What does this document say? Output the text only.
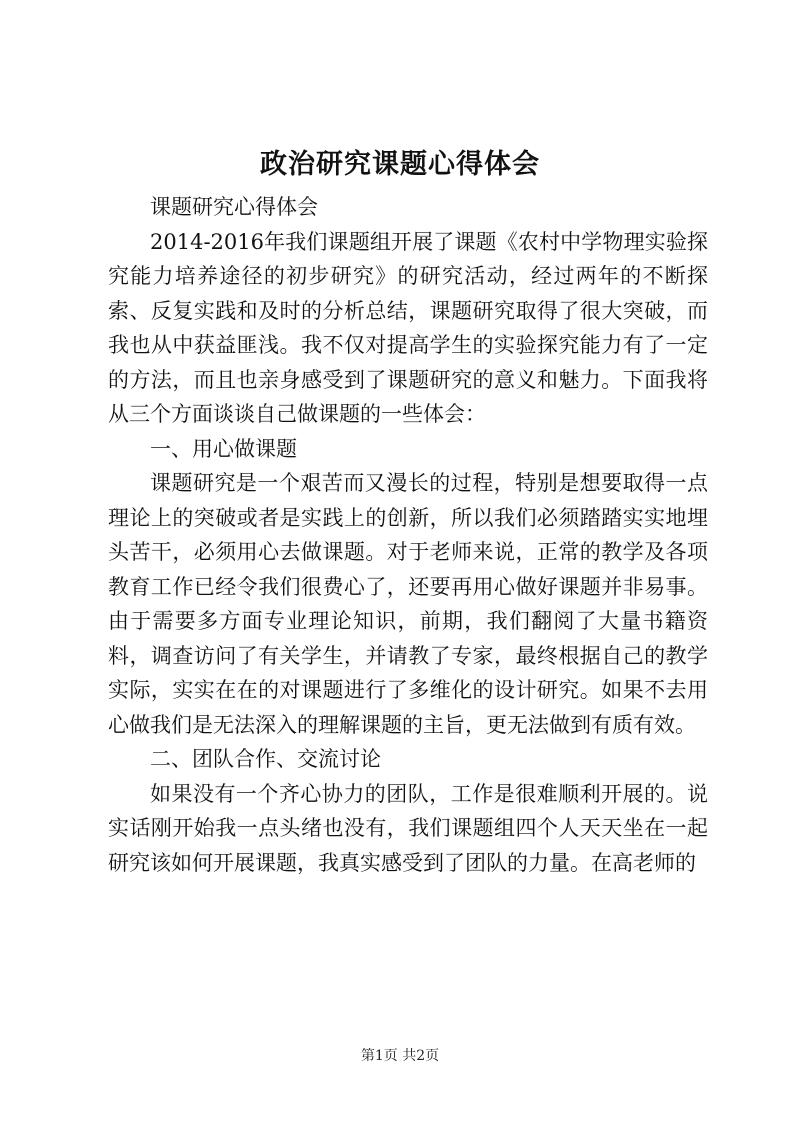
政治研究课题心得体会

课题研究心得体会

2014-2016年我们课题组开展了课题《农村中学物理实验探究能力培养途径的初步研究》的研究活动，经过两年的不断探索、反复实践和及时的分析总结，课题研究取得了很大突破，而我也从中获益匪浅。我不仅对提高学生的实验探究能力有了一定的方法，而且也亲身感受到了课题研究的意义和魅力。下面我将从三个方面谈谈自己做课题的一些体会：

一、用心做课题

课题研究是一个艰苦而又漫长的过程，特别是想要取得一点理论上的突破或者是实践上的创新，所以我们必须踏踏实实地埋头苦干，必须用心去做课题。对于老师来说，正常的教学及各项教育工作已经令我们很费心了，还要再用心做好课题并非易事。由于需要多方面专业理论知识，前期，我们翻阅了大量书籍资料，调查访问了有关学生，并请教了专家，最终根据自己的教学实际，实实在在的对课题进行了多维化的设计研究。如果不去用心做我们是无法深入的理解课题的主旨，更无法做到有质有效。

二、团队合作、交流讨论

如果没有一个齐心协力的团队，工作是很难顺利开展的。说实话刚开始我一点头绪也没有，我们课题组四个人天天坐在一起研究该如何开展课题，我真实感受到了团队的力量。在高老师的

第1页 共2页
